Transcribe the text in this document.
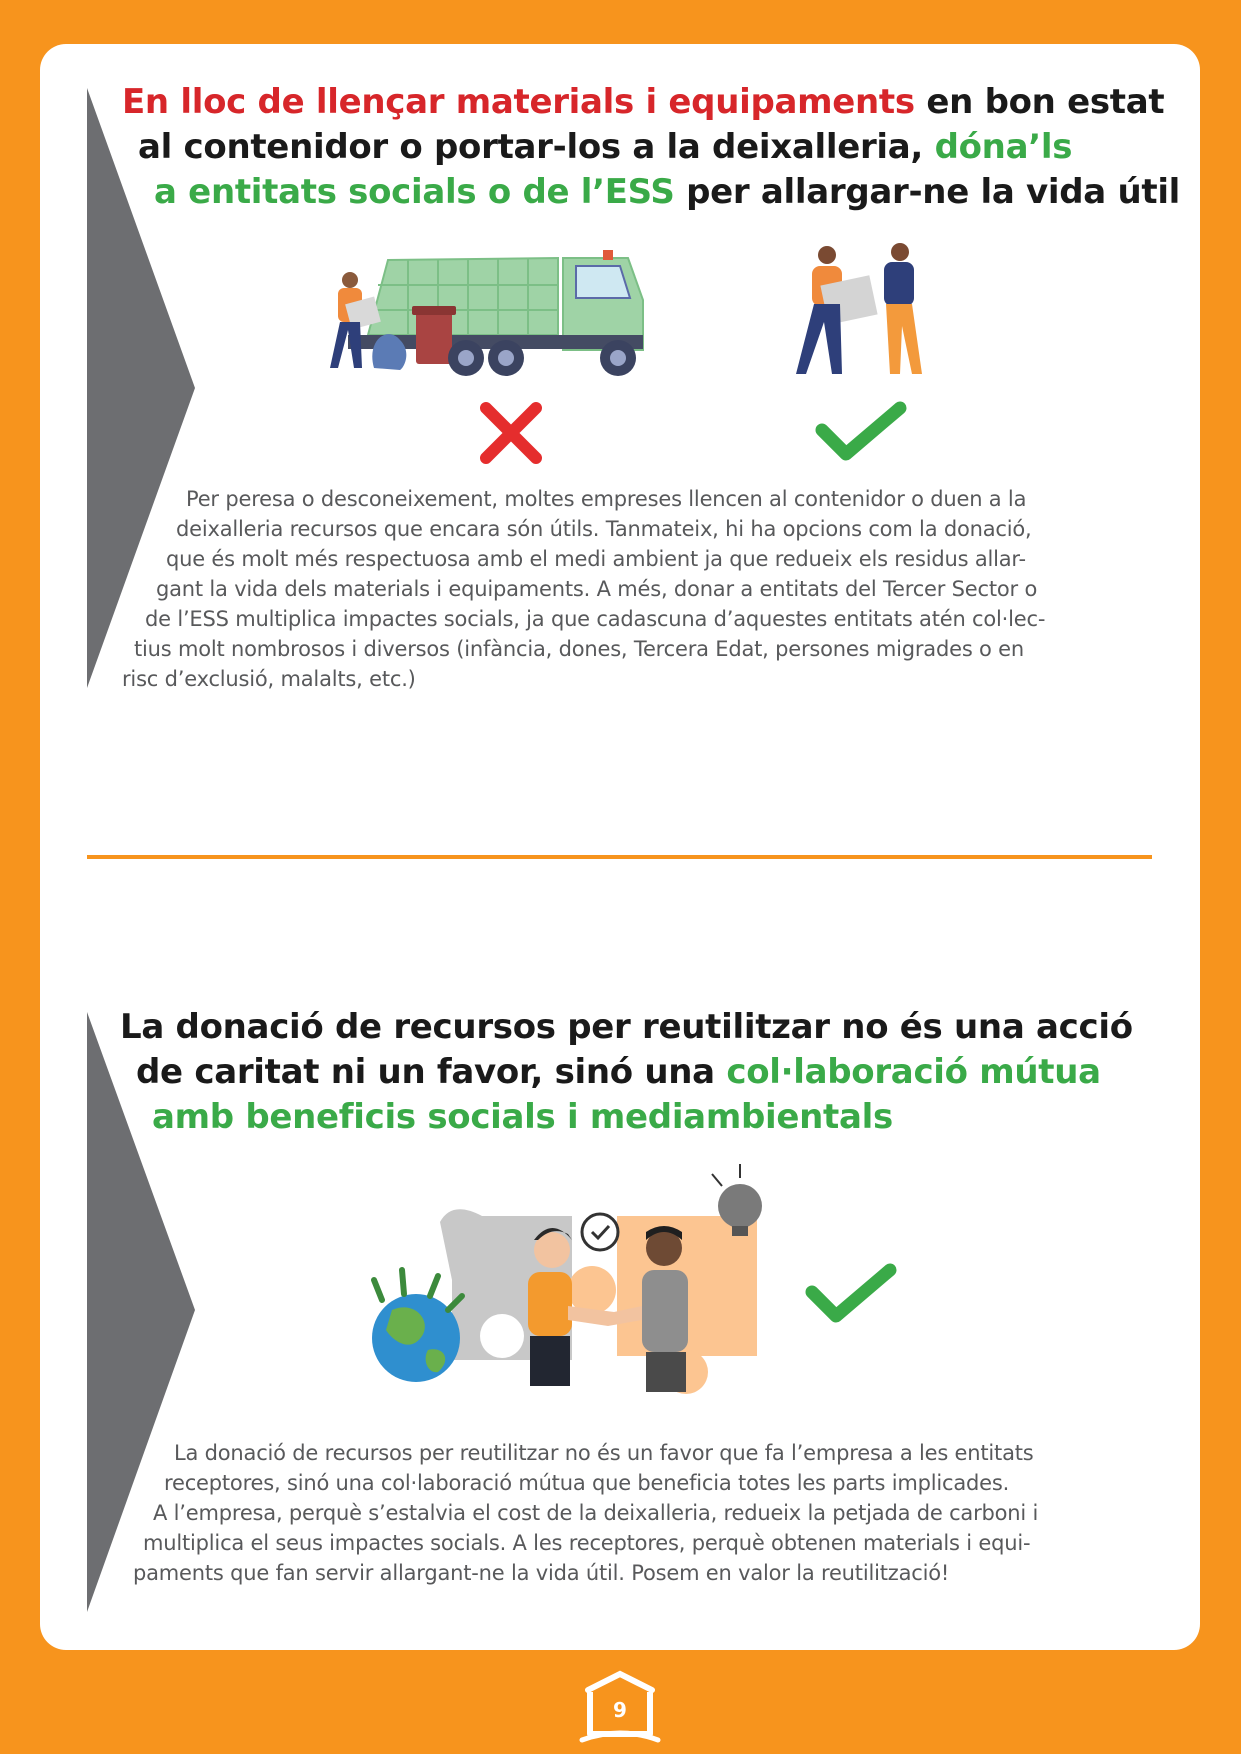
En lloc de llençar materials i equipaments en bon estat
al contenidor o portar-los a la deixalleria, dóna’ls
a entitats socials o de l’ESS per allargar-ne la vida útil

Per peresa o desconeixement, moltes empreses llencen al contenidor o duen a la
deixalleria recursos que encara són útils. Tanmateix, hi ha opcions com la donació,
que és molt més respectuosa amb el medi ambient ja que redueix els residus allar-
gant la vida dels materials i equipaments. A més, donar a entitats del Tercer Sector o
de l’ESS multiplica impactes socials, ja que cadascuna d’aquestes entitats atén col·lec-
tius molt nombrosos i diversos (infància, dones, Tercera Edat, persones migrades o en
risc d’exclusió, malalts, etc.)

La donació de recursos per reutilitzar no és una acció
de caritat ni un favor, sinó una col·laboració mútua
amb beneficis socials i mediambientals

La donació de recursos per reutilitzar no és un favor que fa l’empresa a les entitats
receptores, sinó una col·laboració mútua que beneficia totes les parts implicades.
A l’empresa, perquè s’estalvia el cost de la deixalleria, redueix la petjada de carboni i
multiplica el seus impactes socials. A les receptores, perquè obtenen materials i equi-
paments que fan servir allargant-ne la vida útil. Posem en valor la reutilització!

9
